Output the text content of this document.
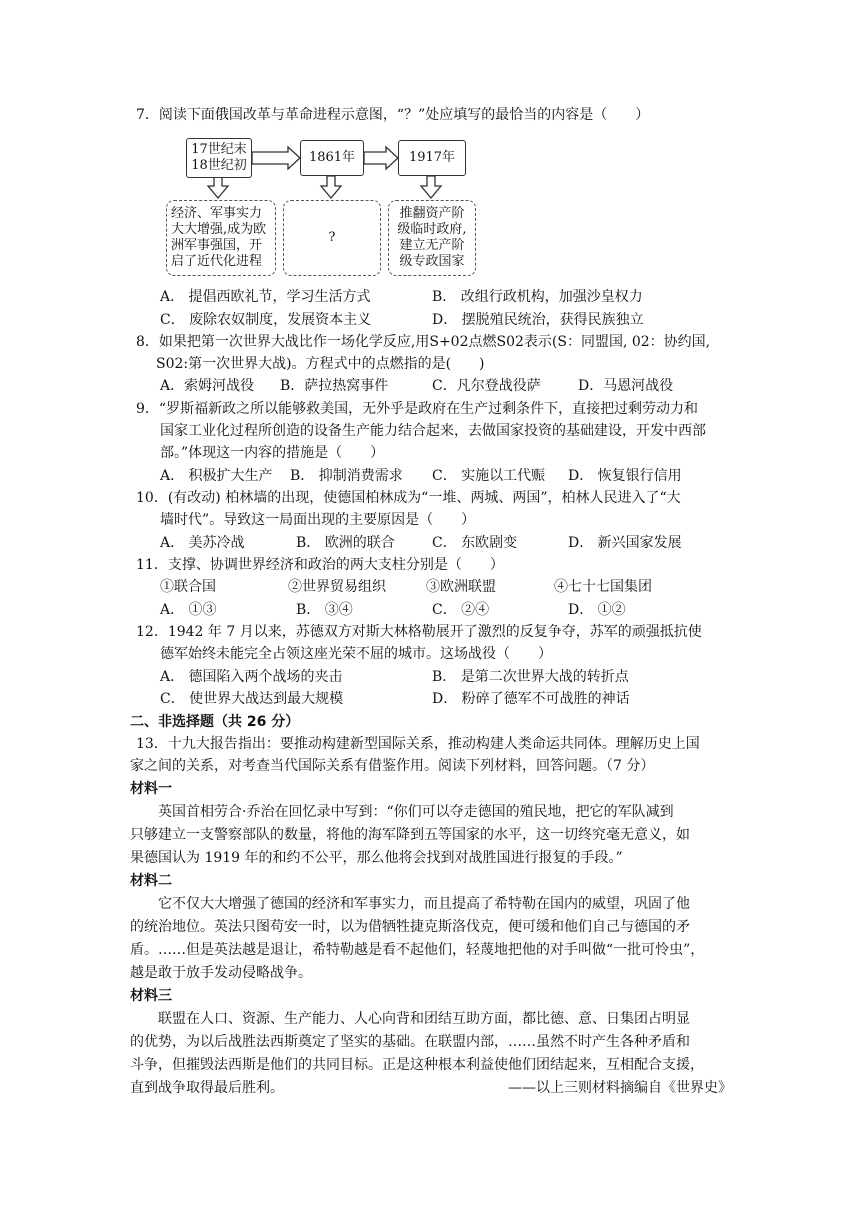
7．阅读下面俄国改革与革命进程示意图，“？”处应填写的最恰当的内容是（　　）
17世纪末
18世纪初
1861年	1917年
经济、军事实力
大大增强,成为欧
洲军事强国，开
启了近代化进程
?
推翻资产阶
级临时政府,
建立无产阶
级专政国家
A． 提倡西欧礼节，学习生活方式	B． 改组行政机构，加强沙皇权力
C． 废除农奴制度，发展资本主义	D． 摆脱殖民统治，获得民族独立
8．如果把第一次世界大战比作一场化学反应,用S+02点燃S02表示(S：同盟国, 02：协约国,
S02:第一次世界大战)。方程式中的点燃指的是(　　)
A．索姆河战役 B．萨拉热窝事件	C．凡尔登战役萨	D．马恩河战役
9．“罗斯福新政之所以能够救美国，无外乎是政府在生产过剩条件下，直接把过剩劳动力和
国家工业化过程所创造的设备生产能力结合起来，去做国家投资的基础建设，开发中西部
部。”体现这一内容的措施是（　　）
A． 积极扩大生产 B． 抑制消费需求 C． 实施以工代赈 D． 恢复银行信用
10．(有改动) 柏林墙的出现，使德国柏林成为“一堆、两城、两国”，柏林人民进入了“大
墙时代”。导致这一局面出现的主要原因是（　　）
A． 美苏冷战	B． 欧洲的联合	C． 东欧剧变	D． 新兴国家发展
11．支撑、协调世界经济和政治的两大支柱分别是（　　）
①联合国	②世界贸易组织	③欧洲联盟	④七十七国集团
A． ①③	B． ③④	C． ②④	D． ①②
12．1942 年 7 月以来，苏德双方对斯大林格勒展开了激烈的反复争夺，苏军的顽强抵抗使
德军始终未能完全占领这座光荣不屈的城市。这场战役（　　）
A． 德国陷入两个战场的夹击	B． 是第二次世界大战的转折点
C． 使世界大战达到最大规模	D． 粉碎了德军不可战胜的神话
二、非选择题（共 26 分）
13．十九大报告指出：要推动构建新型国际关系，推动构建人类命运共同体。理解历史上国
家之间的关系，对考查当代国际关系有借鉴作用。阅读下列材料，回答问题。（7 分）
材料一
英国首相劳合·乔治在回忆录中写到：“你们可以夺走德国的殖民地，把它的军队减到
只够建立一支警察部队的数量，将他的海军降到五等国家的水平，这一切终究毫无意义，如
果德国认为 1919 年的和约不公平，那么他将会找到对战胜国进行报复的手段。”
材料二
它不仅大大增强了德国的经济和军事实力，而且提高了希特勒在国内的威望，巩固了他
的统治地位。英法只图苟安一时，以为借牺牲捷克斯洛伐克，便可缓和他们自己与德国的矛
盾。……但是英法越是退让，希特勒越是看不起他们，轻蔑地把他的对手叫做“一批可怜虫”，
越是敢于放手发动侵略战争。
材料三
联盟在人口、资源、生产能力、人心向背和团结互助方面，都比德、意、日集团占明显
的优势，为以后战胜法西斯奠定了坚实的基础。在联盟内部，……虽然不时产生各种矛盾和
斗争，但摧毁法西斯是他们的共同目标。正是这种根本利益使他们团结起来，互相配合支援，
直到战争取得最后胜利。	——以上三则材料摘编自《世界史》
